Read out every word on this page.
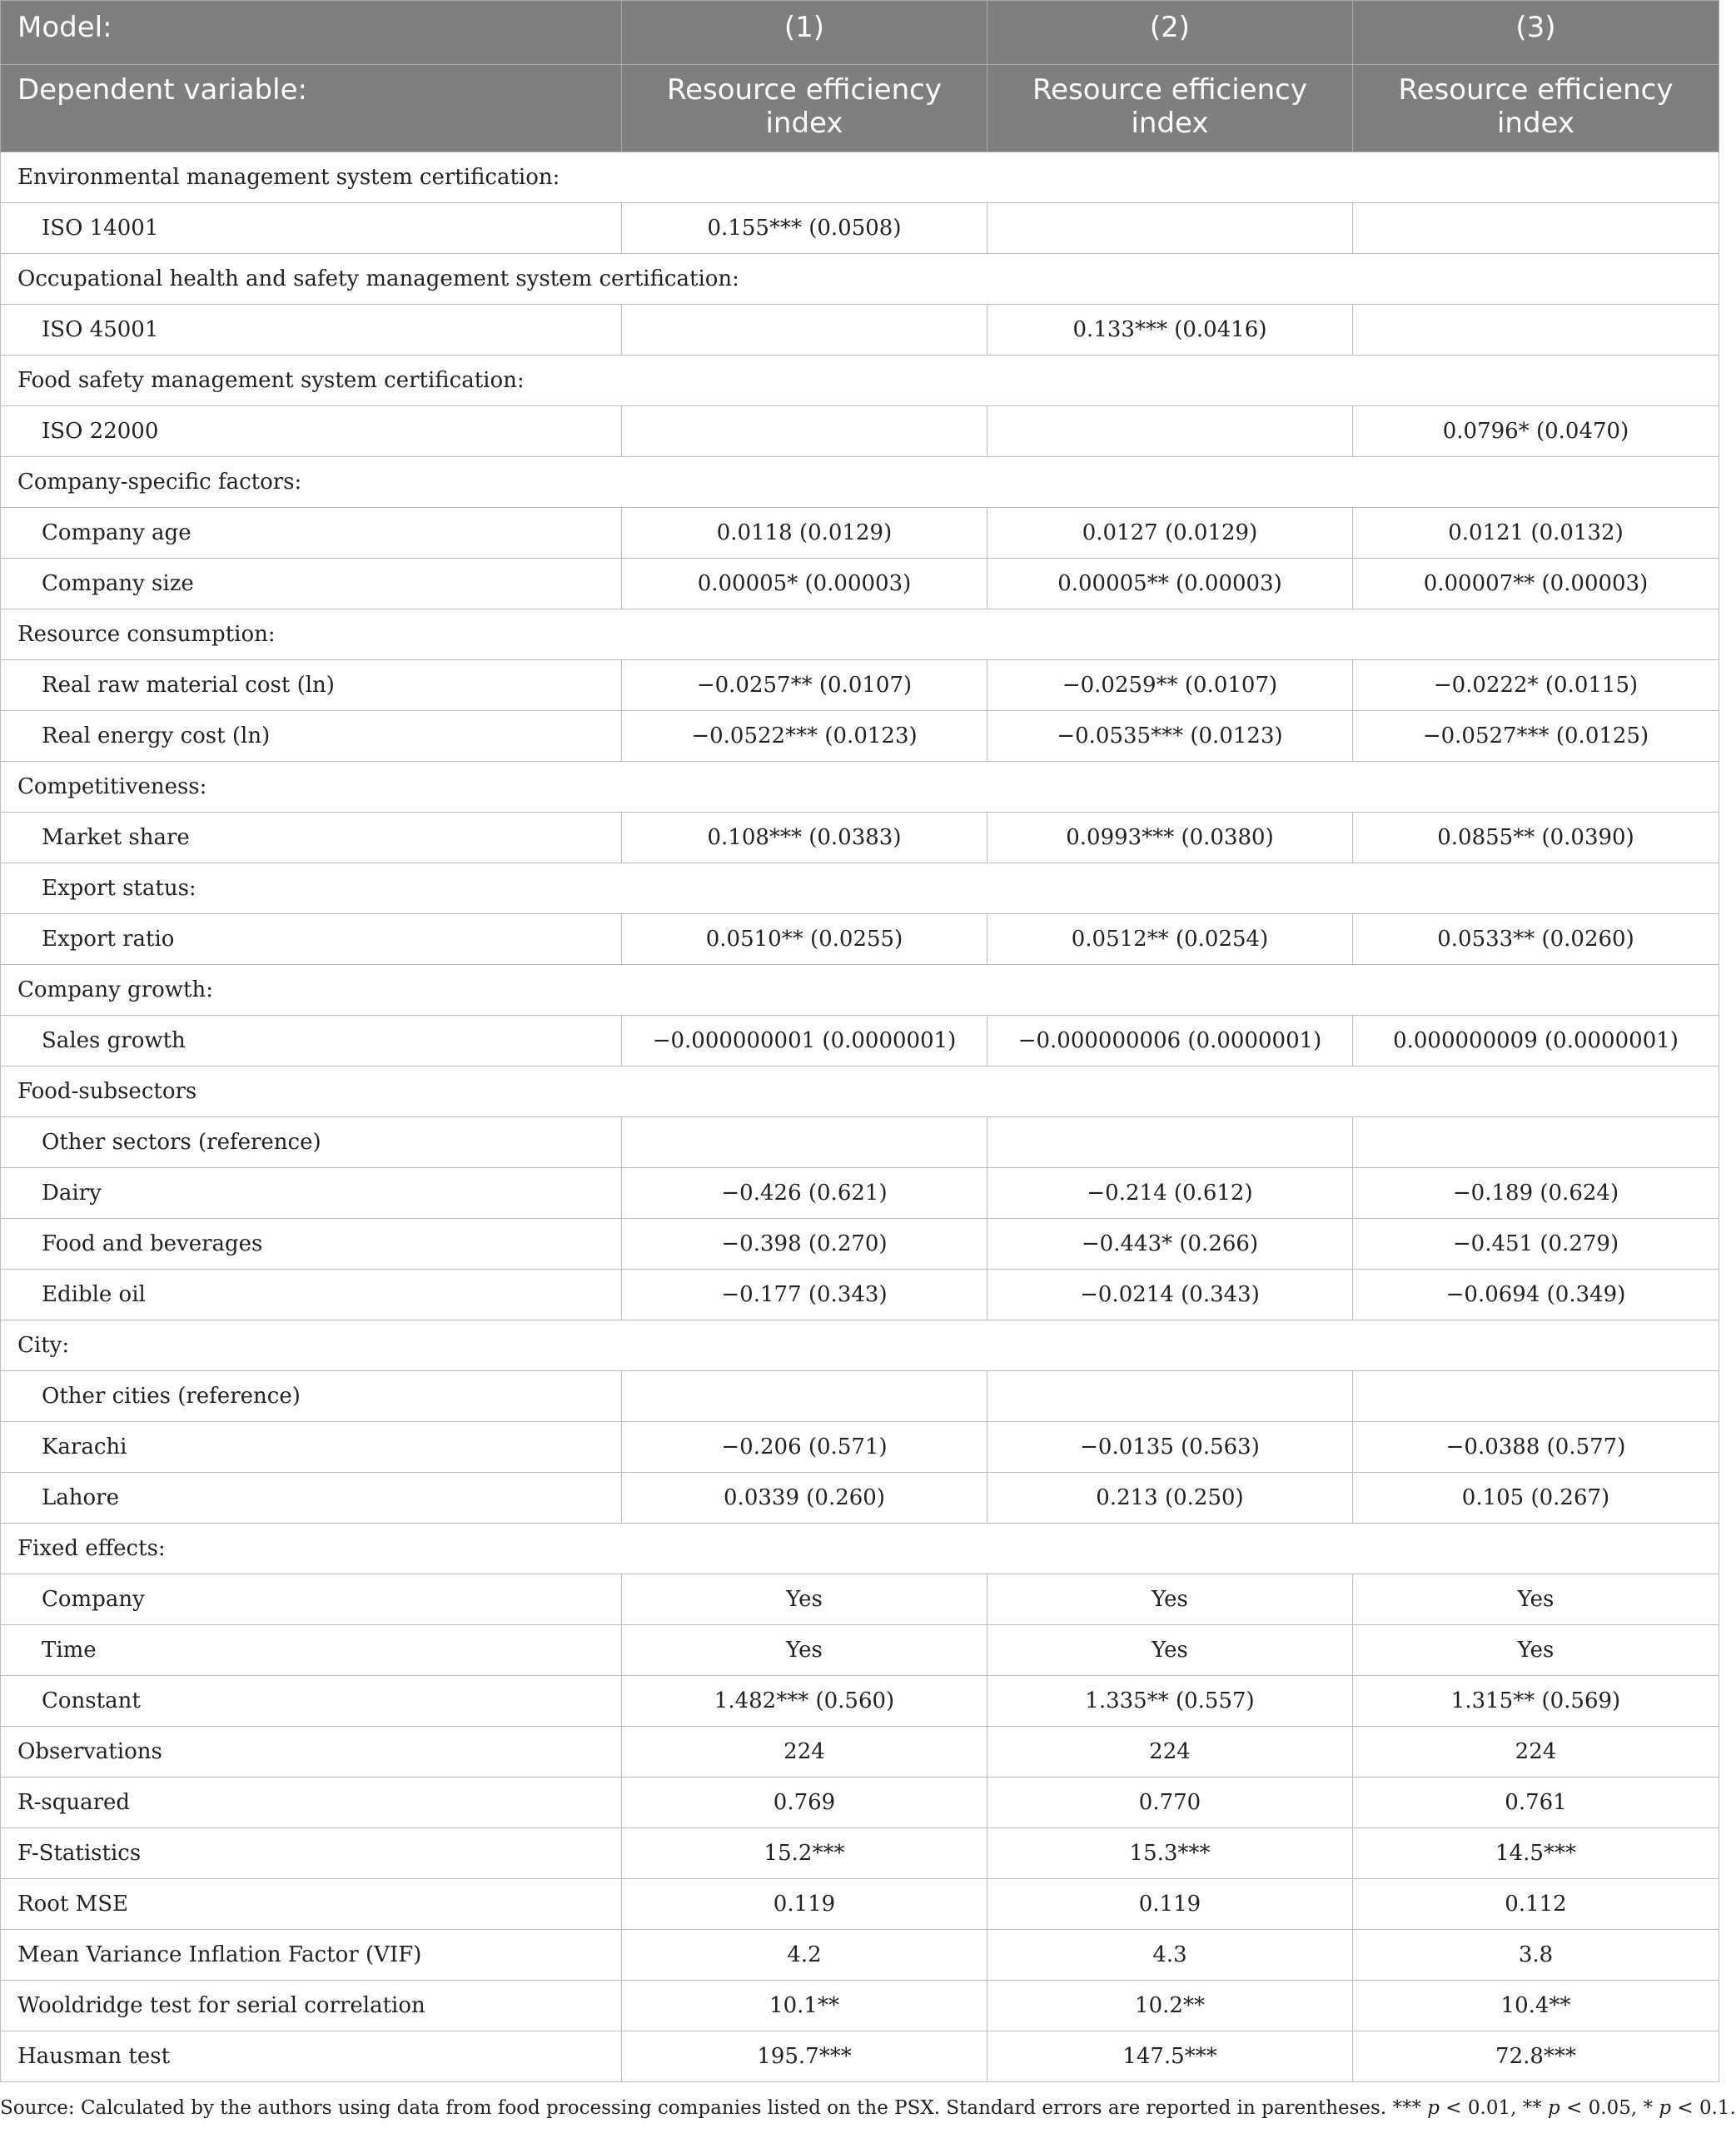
Model:	(1)	(2)	(3)
Dependent variable:	Resource efficiency index	Resource efficiency index	Resource efficiency index
Environmental management system certification:			
ISO 14001	0.155*** (0.0508)		
Occupational health and safety management system certification:			
ISO 45001		0.133*** (0.0416)	
Food safety management system certification:			
ISO 22000			0.0796* (0.0470)
Company-specific factors:			
Company age	0.0118 (0.0129)	0.0127 (0.0129)	0.0121 (0.0132)
Company size	0.00005* (0.00003)	0.00005** (0.00003)	0.00007** (0.00003)
Resource consumption:			
Real raw material cost (ln)	−0.0257** (0.0107)	−0.0259** (0.0107)	−0.0222* (0.0115)
Real energy cost (ln)	−0.0522*** (0.0123)	−0.0535*** (0.0123)	−0.0527*** (0.0125)
Competitiveness:			
Market share	0.108*** (0.0383)	0.0993*** (0.0380)	0.0855** (0.0390)
Export status:			
Export ratio	0.0510** (0.0255)	0.0512** (0.0254)	0.0533** (0.0260)
Company growth:			
Sales growth	−0.000000001 (0.0000001)	−0.000000006 (0.0000001)	0.000000009 (0.0000001)
Food-subsectors			
Other sectors (reference)			
Dairy	−0.426 (0.621)	−0.214 (0.612)	−0.189 (0.624)
Food and beverages	−0.398 (0.270)	−0.443* (0.266)	−0.451 (0.279)
Edible oil	−0.177 (0.343)	−0.0214 (0.343)	−0.0694 (0.349)
City:			
Other cities (reference)			
Karachi	−0.206 (0.571)	−0.0135 (0.563)	−0.0388 (0.577)
Lahore	0.0339 (0.260)	0.213 (0.250)	0.105 (0.267)
Fixed effects:			
Company	Yes	Yes	Yes
Time	Yes	Yes	Yes
Constant	1.482*** (0.560)	1.335** (0.557)	1.315** (0.569)
Observations	224	224	224
R-squared	0.769	0.770	0.761
F-Statistics	15.2***	15.3***	14.5***
Root MSE	0.119	0.119	0.112
Mean Variance Inflation Factor (VIF)	4.2	4.3	3.8
Wooldridge test for serial correlation	10.1**	10.2**	10.4**
Hausman test	195.7***	147.5***	72.8***
Source: Calculated by the authors using data from food processing companies listed on the PSX. Standard errors are reported in parentheses. *** p < 0.01, ** p < 0.05, * p < 0.1.
